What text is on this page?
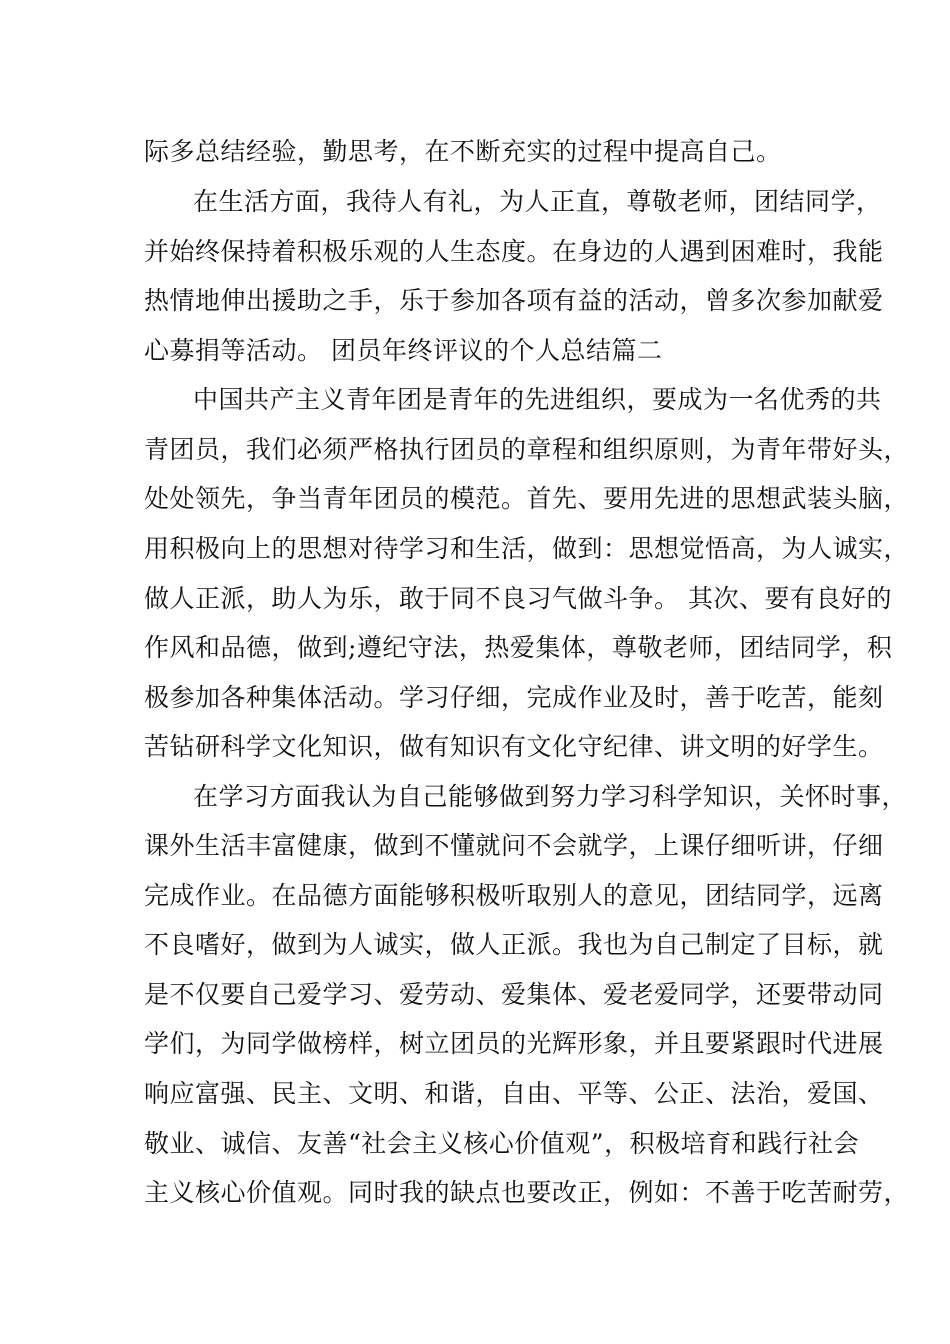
际多总结经验，勤思考，在不断充实的过程中提高自己。
在生活方面，我待人有礼，为人正直，尊敬老师，团结同学，
并始终保持着积极乐观的人生态度。在身边的人遇到困难时，我能
热情地伸出援助之手，乐于参加各项有益的活动，曾多次参加献爱
心募捐等活动。 团员年终评议的个人总结篇二
中国共产主义青年团是青年的先进组织，要成为一名优秀的共
青团员，我们必须严格执行团员的章程和组织原则，为青年带好头，
处处领先，争当青年团员的模范。首先、要用先进的思想武装头脑，
用积极向上的思想对待学习和生活，做到：思想觉悟高，为人诚实，
做人正派，助人为乐，敢于同不良习气做斗争。 其次、要有良好的
作风和品德，做到;遵纪守法，热爱集体，尊敬老师，团结同学，积
极参加各种集体活动。学习仔细，完成作业及时，善于吃苦，能刻
苦钻研科学文化知识，做有知识有文化守纪律、讲文明的好学生。
在学习方面我认为自己能够做到努力学习科学知识，关怀时事，
课外生活丰富健康，做到不懂就问不会就学，上课仔细听讲，仔细
完成作业。在品德方面能够积极听取别人的意见，团结同学，远离
不良嗜好，做到为人诚实，做人正派。我也为自己制定了目标，就
是不仅要自己爱学习、爱劳动、爱集体、爱老爱同学，还要带动同
学们，为同学做榜样，树立团员的光辉形象，并且要紧跟时代进展
响应富强、民主、文明、和谐，自由、平等、公正、法治，爱国、
敬业、诚信、友善“社会主义核心价值观”，积极培育和践行社会
主义核心价值观。同时我的缺点也要改正，例如：不善于吃苦耐劳，
